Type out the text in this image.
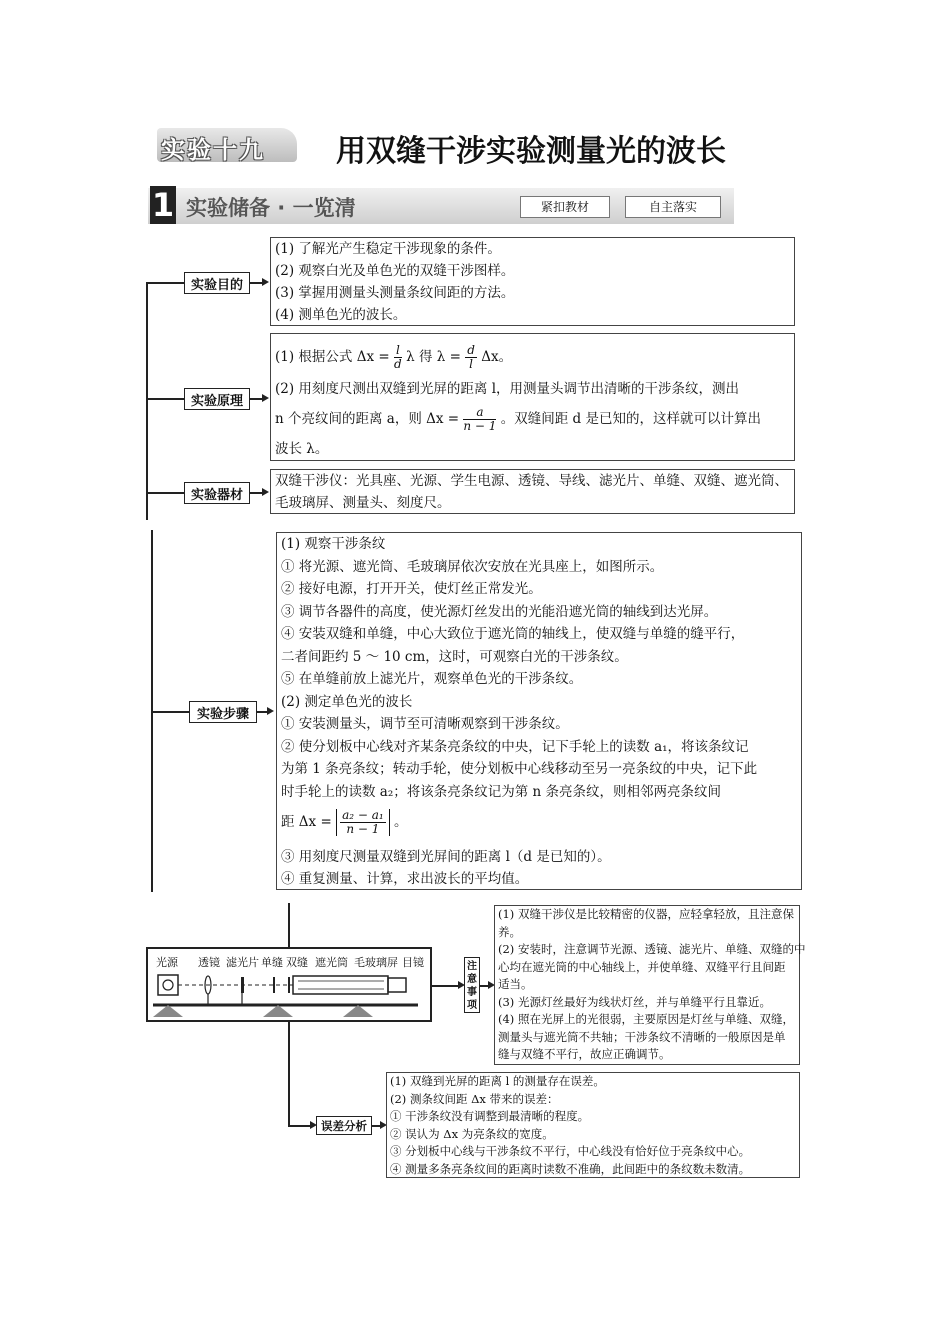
实验十九 用双缝干涉实验测量光的波长
1 实验储备 · 一览清	紧扣教材	自主落实
实验目的
(1) 了解光产生稳定干涉现象的条件。
(2) 观察白光及单色光的双缝干涉图样。
(3) 掌握用测量头测量条纹间距的方法。
(4) 测单色光的波长。
实验原理
(1) 根据公式 $\Delta x = \frac{l}{d}$ λ 得 $\lambda = \frac{d}{l}$ Δx。
(2) 用刻度尺测出双缝到光屏的距离 l，用测量头调节出清晰的干涉条纹，测出
n 个亮纹间的距离 a，则 $\Delta x = \frac{a}{n - 1}$ 。双缝间距 d 是已知的，这样就可以计算出
波长 λ。
实验器材
双缝干涉仪：光具座、光源、学生电源、透镜、导线、滤光片、单缝、双缝、遮光筒、
毛玻璃屏、测量头、刻度尺。
实验步骤
(1) 观察干涉条纹
① 将光源、遮光筒、毛玻璃屏依次安放在光具座上，如图所示。
② 接好电源，打开开关，使灯丝正常发光。
③ 调节各器件的高度，使光源灯丝发出的光能沿遮光筒的轴线到达光屏。
④ 安装双缝和单缝，中心大致位于遮光筒的轴线上，使双缝与单缝的缝平行，
二者间距约 5 ～ 10 cm，这时，可观察白光的干涉条纹。
⑤ 在单缝前放上滤光片，观察单色光的干涉条纹。
(2) 测定单色光的波长
① 安装测量头，调节至可清晰观察到干涉条纹。
② 使分划板中心线对齐某条亮条纹的中央，记下手轮上的读数 a₁，将该条纹记
为第 1 条亮条纹；转动手轮，使分划板中心线移动至另一亮条纹的中央，记下此
时手轮上的读数 a₂；将该条亮条纹记为第 n 条亮条纹，则相邻两亮条纹间
距 $\Delta x = \frac{\text{a₂ − a₁}}{n - 1}$ 。
③ 用刻度尺测量双缝到光屏间的距离 l（d 是已知的）。
④ 重复测量、计算，求出波长的平均值。
光源 透镜 滤光片 单缝 双缝 遮光筒 毛玻璃屏 目镜	注意事项
(1) 双缝干涉仪是比较精密的仪器，应轻拿轻放，且注意保
养。
(2) 安装时，注意调节光源、透镜、滤光片、单缝、双缝的中
心均在遮光筒的中心轴线上，并使单缝、双缝平行且间距
适当。
(3) 光源灯丝最好为线状灯丝，并与单缝平行且靠近。
(4) 照在光屏上的光很弱，主要原因是灯丝与单缝、双缝，
测量头与遮光筒不共轴；干涉条纹不清晰的一般原因是单
缝与双缝不平行，故应正确调节。
误差分析
(1) 双缝到光屏的距离 l 的测量存在误差。
(2) 测条纹间距 Δx 带来的误差：
① 干涉条纹没有调整到最清晰的程度。
② 误认为 Δx 为亮条纹的宽度。
③ 分划板中心线与干涉条纹不平行，中心线没有恰好位于亮条纹中心。
④ 测量多条亮条纹间的距离时读数不准确，此间距中的条纹数未数清。
